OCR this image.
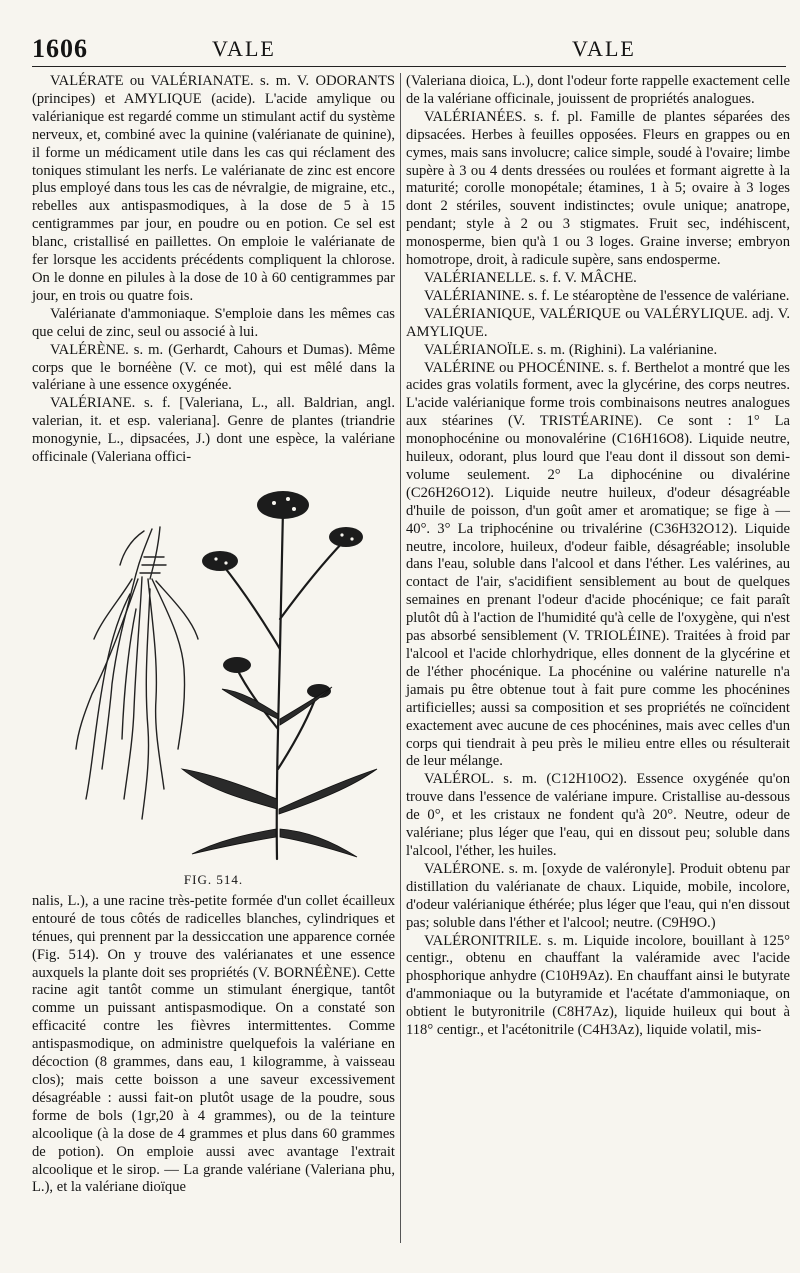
1606	VALE	VALE

VALÉRATE ou VALÉRIANATE. s. m. V. ODORANTS (principes) et AMYLIQUE (acide). L'acide amylique ou valérianique est regardé comme un stimulant actif du système nerveux, et, combiné avec la quinine (valérianate de quinine), il forme un médicament utile dans les cas qui réclament des toniques stimulant les nerfs. Le valérianate de zinc est encore plus employé dans tous les cas de névralgie, de migraine, etc., rebelles aux antispasmodiques, à la dose de 5 à 15 centigrammes par jour, en poudre ou en potion. Ce sel est blanc, cristallisé en paillettes. On emploie le valérianate de fer lorsque les accidents précédents compliquent la chlorose. On le donne en pilules à la dose de 10 à 60 centigrammes par jour, en trois ou quatre fois.

Valérianate d'ammoniaque. S'emploie dans les mêmes cas que celui de zinc, seul ou associé à lui.

VALÉRÈNE. s. m. (Gerhardt, Cahours et Dumas). Même corps que le bornéène (V. ce mot), qui est mêlé dans la valériane à une essence oxygénée.

VALÉRIANE. s. f. [Valeriana, L., all. Baldrian, angl. valerian, it. et esp. valeriana]. Genre de plantes (triandrie monogynie, L., dipsacées, J.) dont une espèce, la valériane officinale (Valeriana offici-

FIG. 514.

nalis, L.), a une racine très-petite formée d'un collet écailleux entouré de tous côtés de radicelles blanches, cylindriques et ténues, qui prennent par la dessiccation une apparence cornée (Fig. 514). On y trouve des valérianates et une essence auxquels la plante doit ses propriétés (V. BORNÉÈNE). Cette racine agit tantôt comme un stimulant énergique, tantôt comme un puissant antispasmodique. On a constaté son efficacité contre les fièvres intermittentes. Comme antispasmodique, on administre quelquefois la valériane en décoction (8 grammes, dans eau, 1 kilogramme, à vaisseau clos); mais cette boisson a une saveur excessivement désagréable : aussi fait-on plutôt usage de la poudre, sous forme de bols (1gr,20 à 4 grammes), ou de la teinture alcoolique (à la dose de 4 grammes et plus dans 60 grammes de potion). On emploie aussi avec avantage l'extrait alcoolique et le sirop. — La grande valériane (Valeriana phu, L.), et la valériane dioïque

(Valeriana dioica, L.), dont l'odeur forte rappelle exactement celle de la valériane officinale, jouissent de propriétés analogues.

VALÉRIANÉES. s. f. pl. Famille de plantes séparées des dipsacées. Herbes à feuilles opposées. Fleurs en grappes ou en cymes, mais sans involucre; calice simple, soudé à l'ovaire; limbe supère à 3 ou 4 dents dressées ou roulées et formant aigrette à la maturité; corolle monopétale; étamines, 1 à 5; ovaire à 3 loges dont 2 stériles, souvent indistinctes; ovule unique; anatrope, pendant; style à 2 ou 3 stigmates. Fruit sec, indéhiscent, monosperme, bien qu'à 1 ou 3 loges. Graine inverse; embryon homotrope, droit, à radicule supère, sans endosperme.

VALÉRIANELLE. s. f. V. MÂCHE.

VALÉRIANINE. s. f. Le stéaroptène de l'essence de valériane.

VALÉRIANIQUE, VALÉRIQUE ou VALÉRYLIQUE. adj. V. AMYLIQUE.

VALÉRIANOÏLE. s. m. (Righini). La valérianine.

VALÉRINE ou PHOCÉNINE. s. f. Berthelot a montré que les acides gras volatils forment, avec la glycérine, des corps neutres. L'acide valérianique forme trois combinaisons neutres analogues aux stéarines (V. TRISTÉARINE). Ce sont : 1° La monophocénine ou monovalérine (C16H16O8). Liquide neutre, huileux, odorant, plus lourd que l'eau dont il dissout son demi-volume seulement. 2° La diphocénine ou divalérine (C26H26O12). Liquide neutre huileux, d'odeur désagréable d'huile de poisson, d'un goût amer et aromatique; se fige à — 40°. 3° La triphocénine ou trivalérine (C36H32O12). Liquide neutre, incolore, huileux, d'odeur faible, désagréable; insoluble dans l'eau, soluble dans l'alcool et dans l'éther. Les valérines, au contact de l'air, s'acidifient sensiblement au bout de quelques semaines en prenant l'odeur d'acide phocénique; ce fait paraît plutôt dû à l'action de l'humidité qu'à celle de l'oxygène, qui n'est pas absorbé sensiblement (V. TRIOLÉINE). Traitées à froid par l'alcool et l'acide chlorhydrique, elles donnent de la glycérine et de l'éther phocénique. La phocénine ou valérine naturelle n'a jamais pu être obtenue tout à fait pure comme les phocénines artificielles; aussi sa composition et ses propriétés ne coïncident exactement avec aucune de ces phocénines, mais avec celles d'un corps qui tiendrait à peu près le milieu entre elles ou résulterait de leur mélange.

VALÉROL. s. m. (C12H10O2). Essence oxygénée qu'on trouve dans l'essence de valériane impure. Cristallise au-dessous de 0°, et les cristaux ne fondent qu'à 20°. Neutre, odeur de valériane; plus léger que l'eau, qui en dissout peu; soluble dans l'alcool, l'éther, les huiles.

VALÉRONE. s. m. [oxyde de valéronyle]. Produit obtenu par distillation du valérianate de chaux. Liquide, mobile, incolore, d'odeur valérianique éthérée; plus léger que l'eau, qui n'en dissout pas; soluble dans l'éther et l'alcool; neutre. (C9H9O.)

VALÉRONITRILE. s. m. Liquide incolore, bouillant à 125° centigr., obtenu en chauffant la valéramide avec l'acide phosphorique anhydre (C10H9Az). En chauffant ainsi le butyrate d'ammoniaque ou la butyramide et l'acétate d'ammoniaque, on obtient le butyronitrile (C8H7Az), liquide huileux qui bout à 118° centigr., et l'acétonitrile (C4H3Az), liquide volatil, mis-
